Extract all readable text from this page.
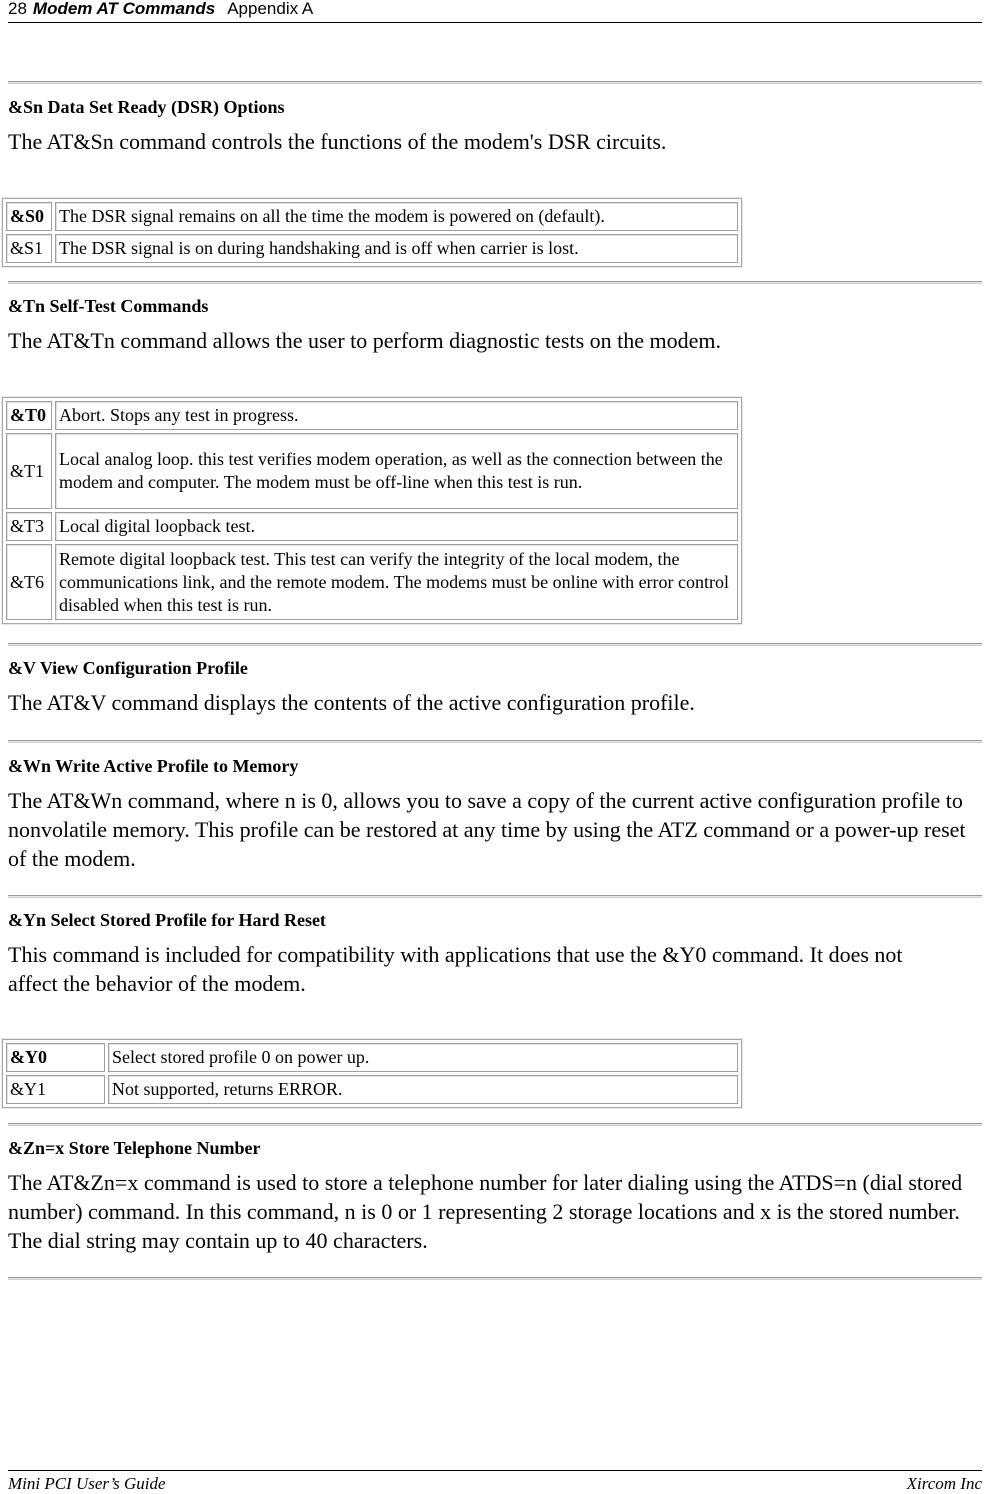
28 Modem AT Commands Appendix A

&Sn Data Set Ready (DSR) Options

The AT&Sn command controls the functions of the modem's DSR circuits.

&S0	The DSR signal remains on all the time the modem is powered on (default).
&S1	The DSR signal is on during handshaking and is off when carrier is lost.

&Tn Self-Test Commands

The AT&Tn command allows the user to perform diagnostic tests on the modem.

&T0	Abort. Stops any test in progress.
&T1	Local analog loop. this test verifies modem operation, as well as the connection between the modem and computer. The modem must be off-line when this test is run.
&T3	Local digital loopback test.
&T6	Remote digital loopback test. This test can verify the integrity of the local modem, the communications link, and the remote modem. The modems must be online with error control disabled when this test is run.

&V View Configuration Profile

The AT&V command displays the contents of the active configuration profile.

&Wn Write Active Profile to Memory

The AT&Wn command, where n is 0, allows you to save a copy of the current active configuration profile to nonvolatile memory. This profile can be restored at any time by using the ATZ command or a power-up reset of the modem.

&Yn Select Stored Profile for Hard Reset

This command is included for compatibility with applications that use the &Y0 command. It does not affect the behavior of the modem.

&Y0	Select stored profile 0 on power up.
&Y1	Not supported, returns ERROR.

&Zn=x Store Telephone Number

The AT&Zn=x command is used to store a telephone number for later dialing using the ATDS=n (dial stored number) command. In this command, n is 0 or 1 representing 2 storage locations and x is the stored number. The dial string may contain up to 40 characters.

Mini PCI User’s Guide	Xircom Inc
